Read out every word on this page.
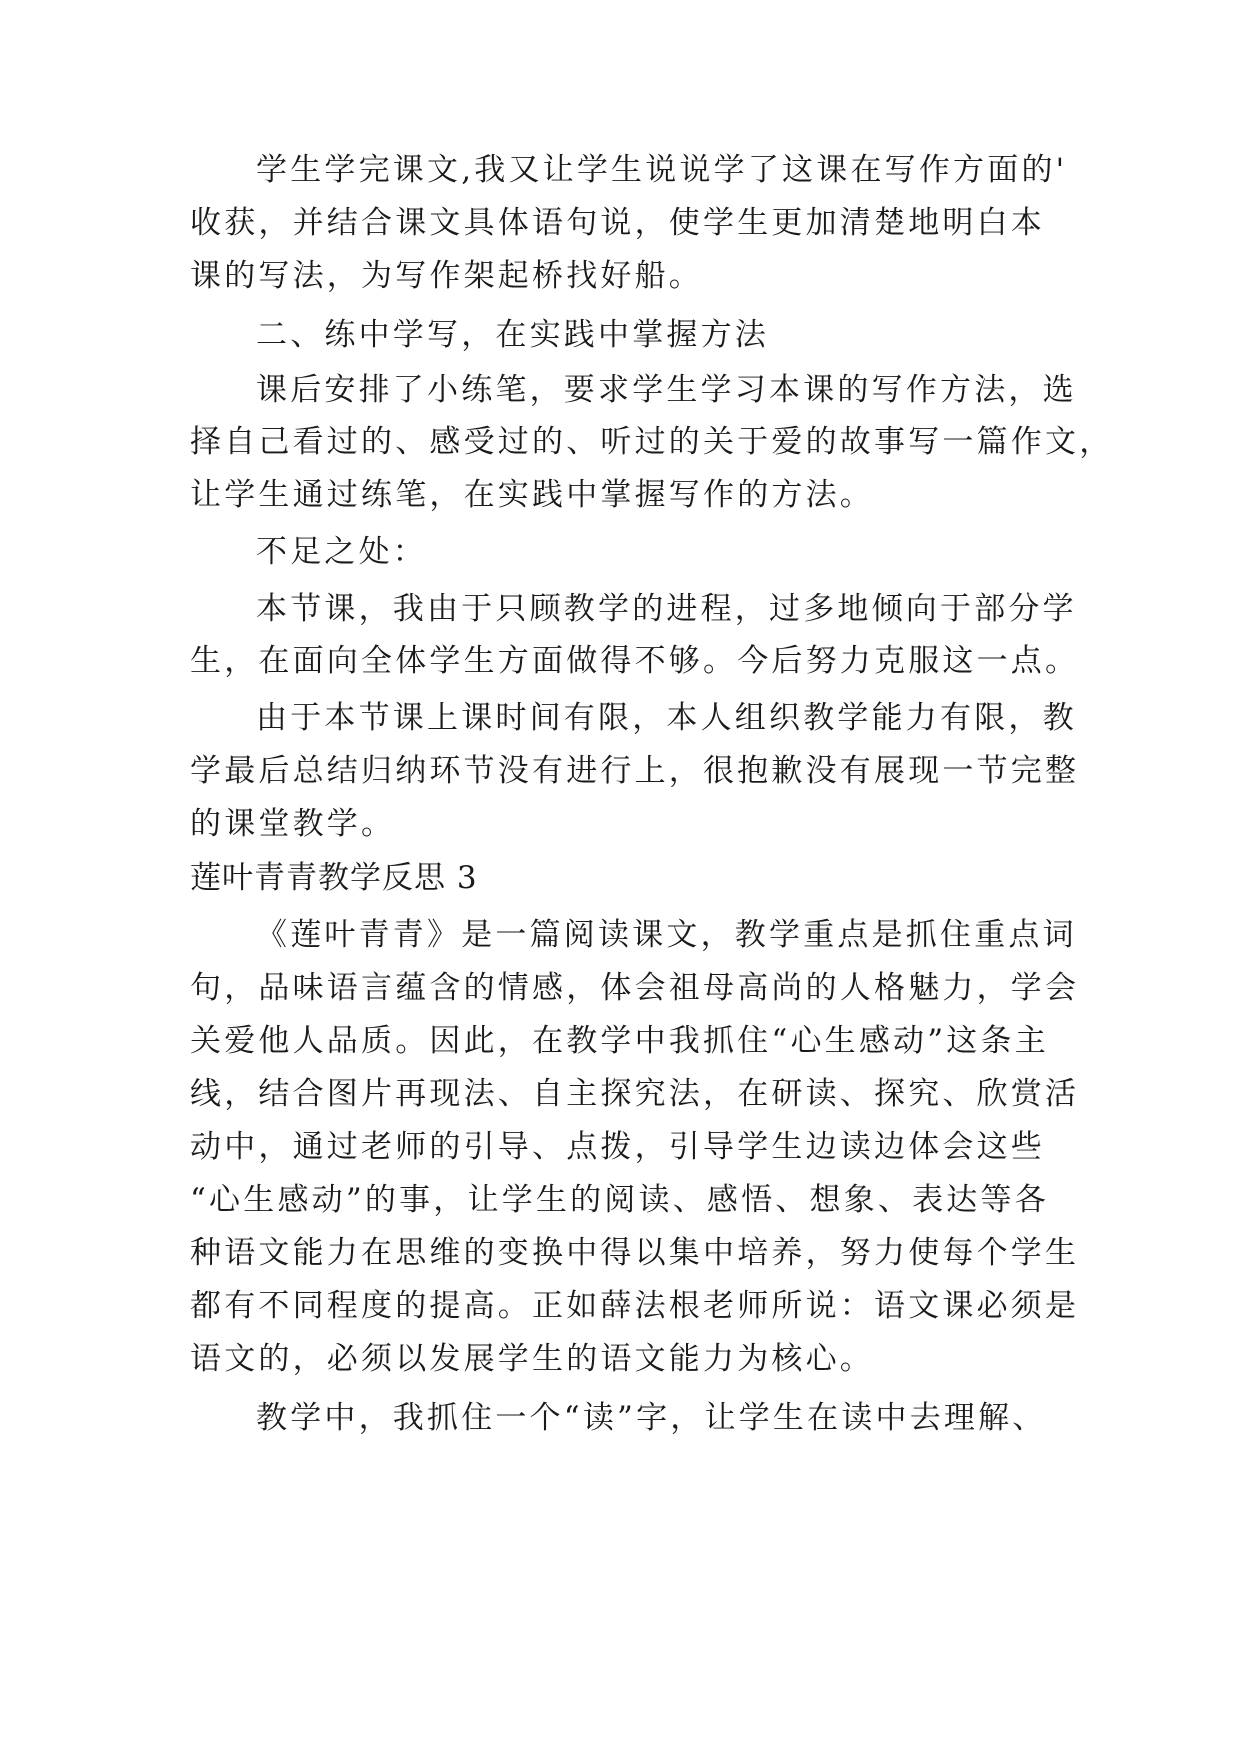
学生学完课文,我又让学生说说学了这课在写作方面的'
收获，并结合课文具体语句说，使学生更加清楚地明白本
课的写法，为写作架起桥找好船。
二、练中学写，在实践中掌握方法
课后安排了小练笔，要求学生学习本课的写作方法，选
择自己看过的、感受过的、听过的关于爱的故事写一篇作文，
让学生通过练笔，在实践中掌握写作的方法。
不足之处：
本节课，我由于只顾教学的进程，过多地倾向于部分学
生，在面向全体学生方面做得不够。今后努力克服这一点。
由于本节课上课时间有限，本人组织教学能力有限，教
学最后总结归纳环节没有进行上，很抱歉没有展现一节完整
的课堂教学。
莲叶青青教学反思 3
《莲叶青青》是一篇阅读课文，教学重点是抓住重点词
句，品味语言蕴含的情感，体会祖母高尚的人格魅力，学会
关爱他人品质。因此，在教学中我抓住“心生感动”这条主
线，结合图片再现法、自主探究法，在研读、探究、欣赏活
动中，通过老师的引导、点拨，引导学生边读边体会这些
“心生感动”的事，让学生的阅读、感悟、想象、表达等各
种语文能力在思维的变换中得以集中培养，努力使每个学生
都有不同程度的提高。正如薛法根老师所说：语文课必须是
语文的，必须以发展学生的语文能力为核心。
教学中，我抓住一个“读”字，让学生在读中去理解、
